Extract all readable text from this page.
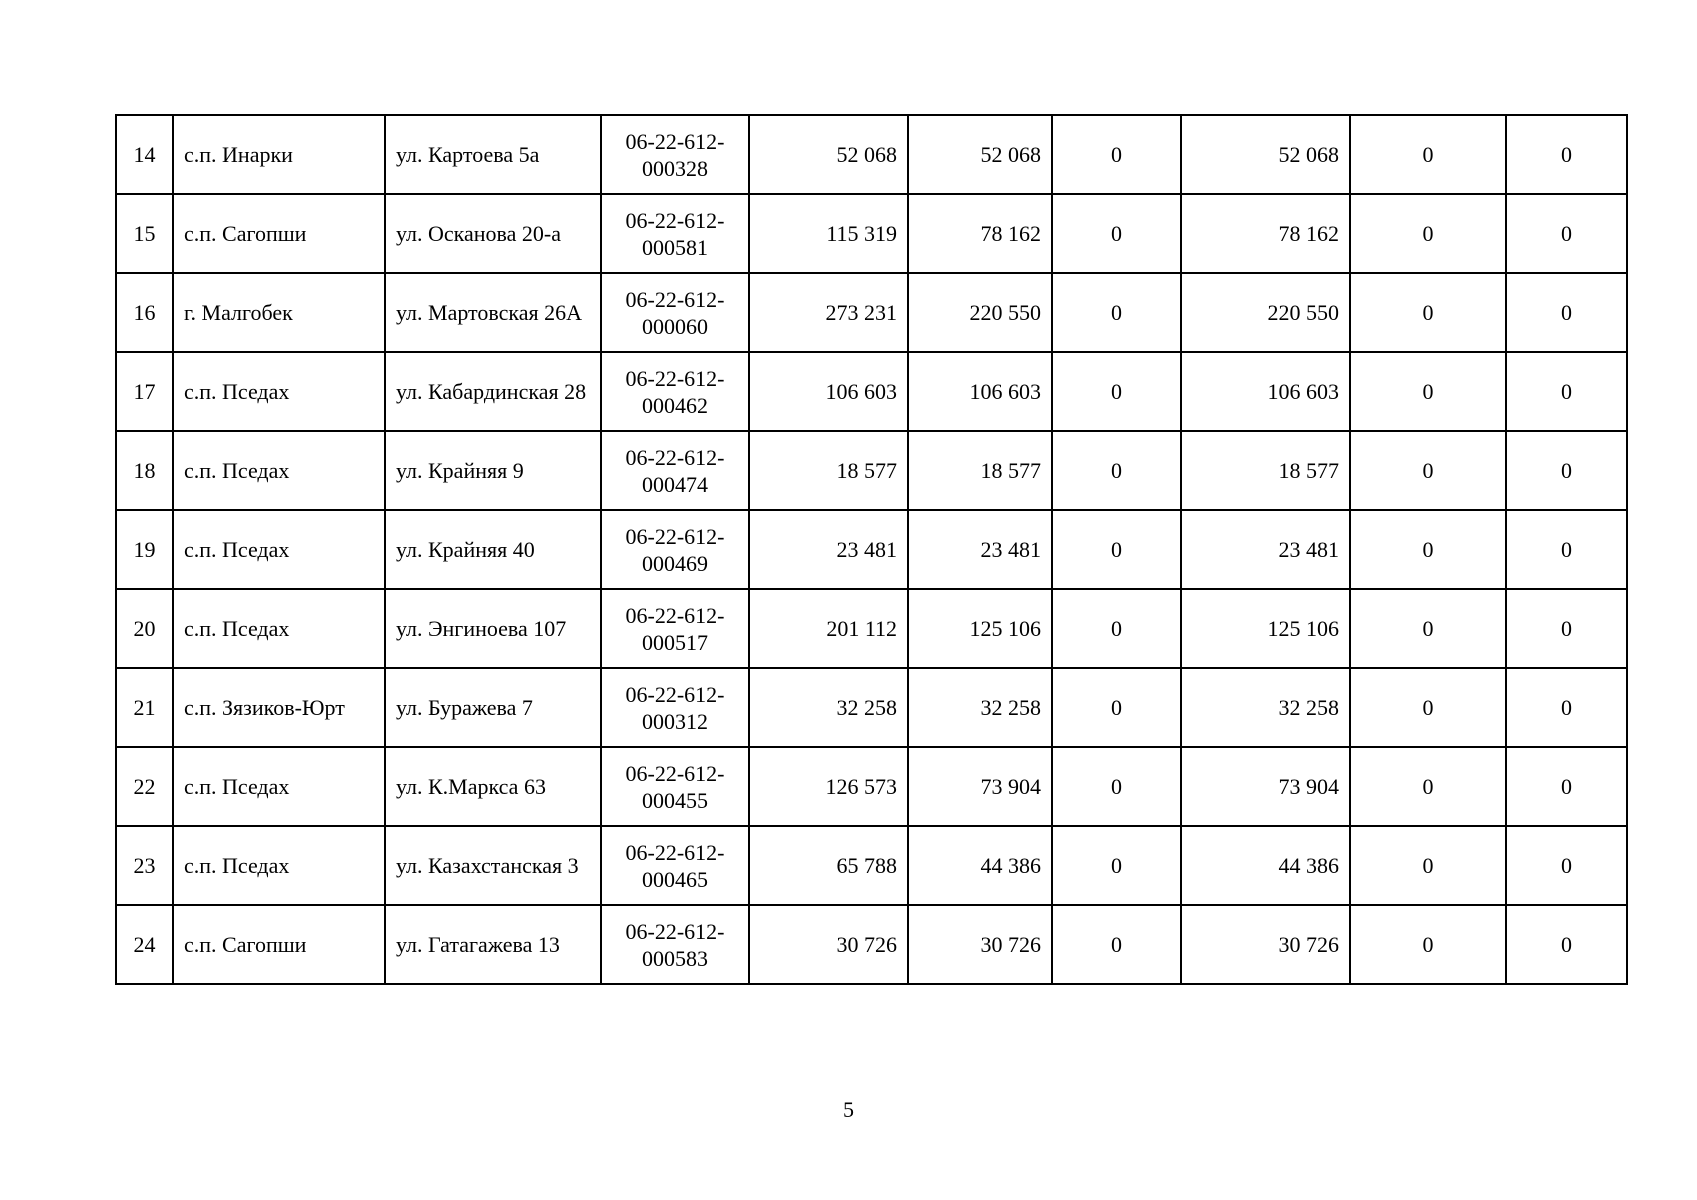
14	с.п. Инарки	ул. Картоева 5а	06-22-612-000328	52 068	52 068	0	52 068	0	0
15	с.п. Сагопши	ул. Осканова 20-а	06-22-612-000581	115 319	78 162	0	78 162	0	0
16	г. Малгобек	ул. Мартовская 26А	06-22-612-000060	273 231	220 550	0	220 550	0	0
17	с.п. Пседах	ул. Кабардинская 28	06-22-612-000462	106 603	106 603	0	106 603	0	0
18	с.п. Пседах	ул. Крайняя 9	06-22-612-000474	18 577	18 577	0	18 577	0	0
19	с.п. Пседах	ул. Крайняя 40	06-22-612-000469	23 481	23 481	0	23 481	0	0
20	с.п. Пседах	ул. Энгиноева 107	06-22-612-000517	201 112	125 106	0	125 106	0	0
21	с.п. Зязиков-Юрт	ул. Буражева 7	06-22-612-000312	32 258	32 258	0	32 258	0	0
22	с.п. Пседах	ул. К.Маркса 63	06-22-612-000455	126 573	73 904	0	73 904	0	0
23	с.п. Пседах	ул. Казахстанская 3	06-22-612-000465	65 788	44 386	0	44 386	0	0
24	с.п. Сагопши	ул. Гатагажева 13	06-22-612-000583	30 726	30 726	0	30 726	0	0
5
